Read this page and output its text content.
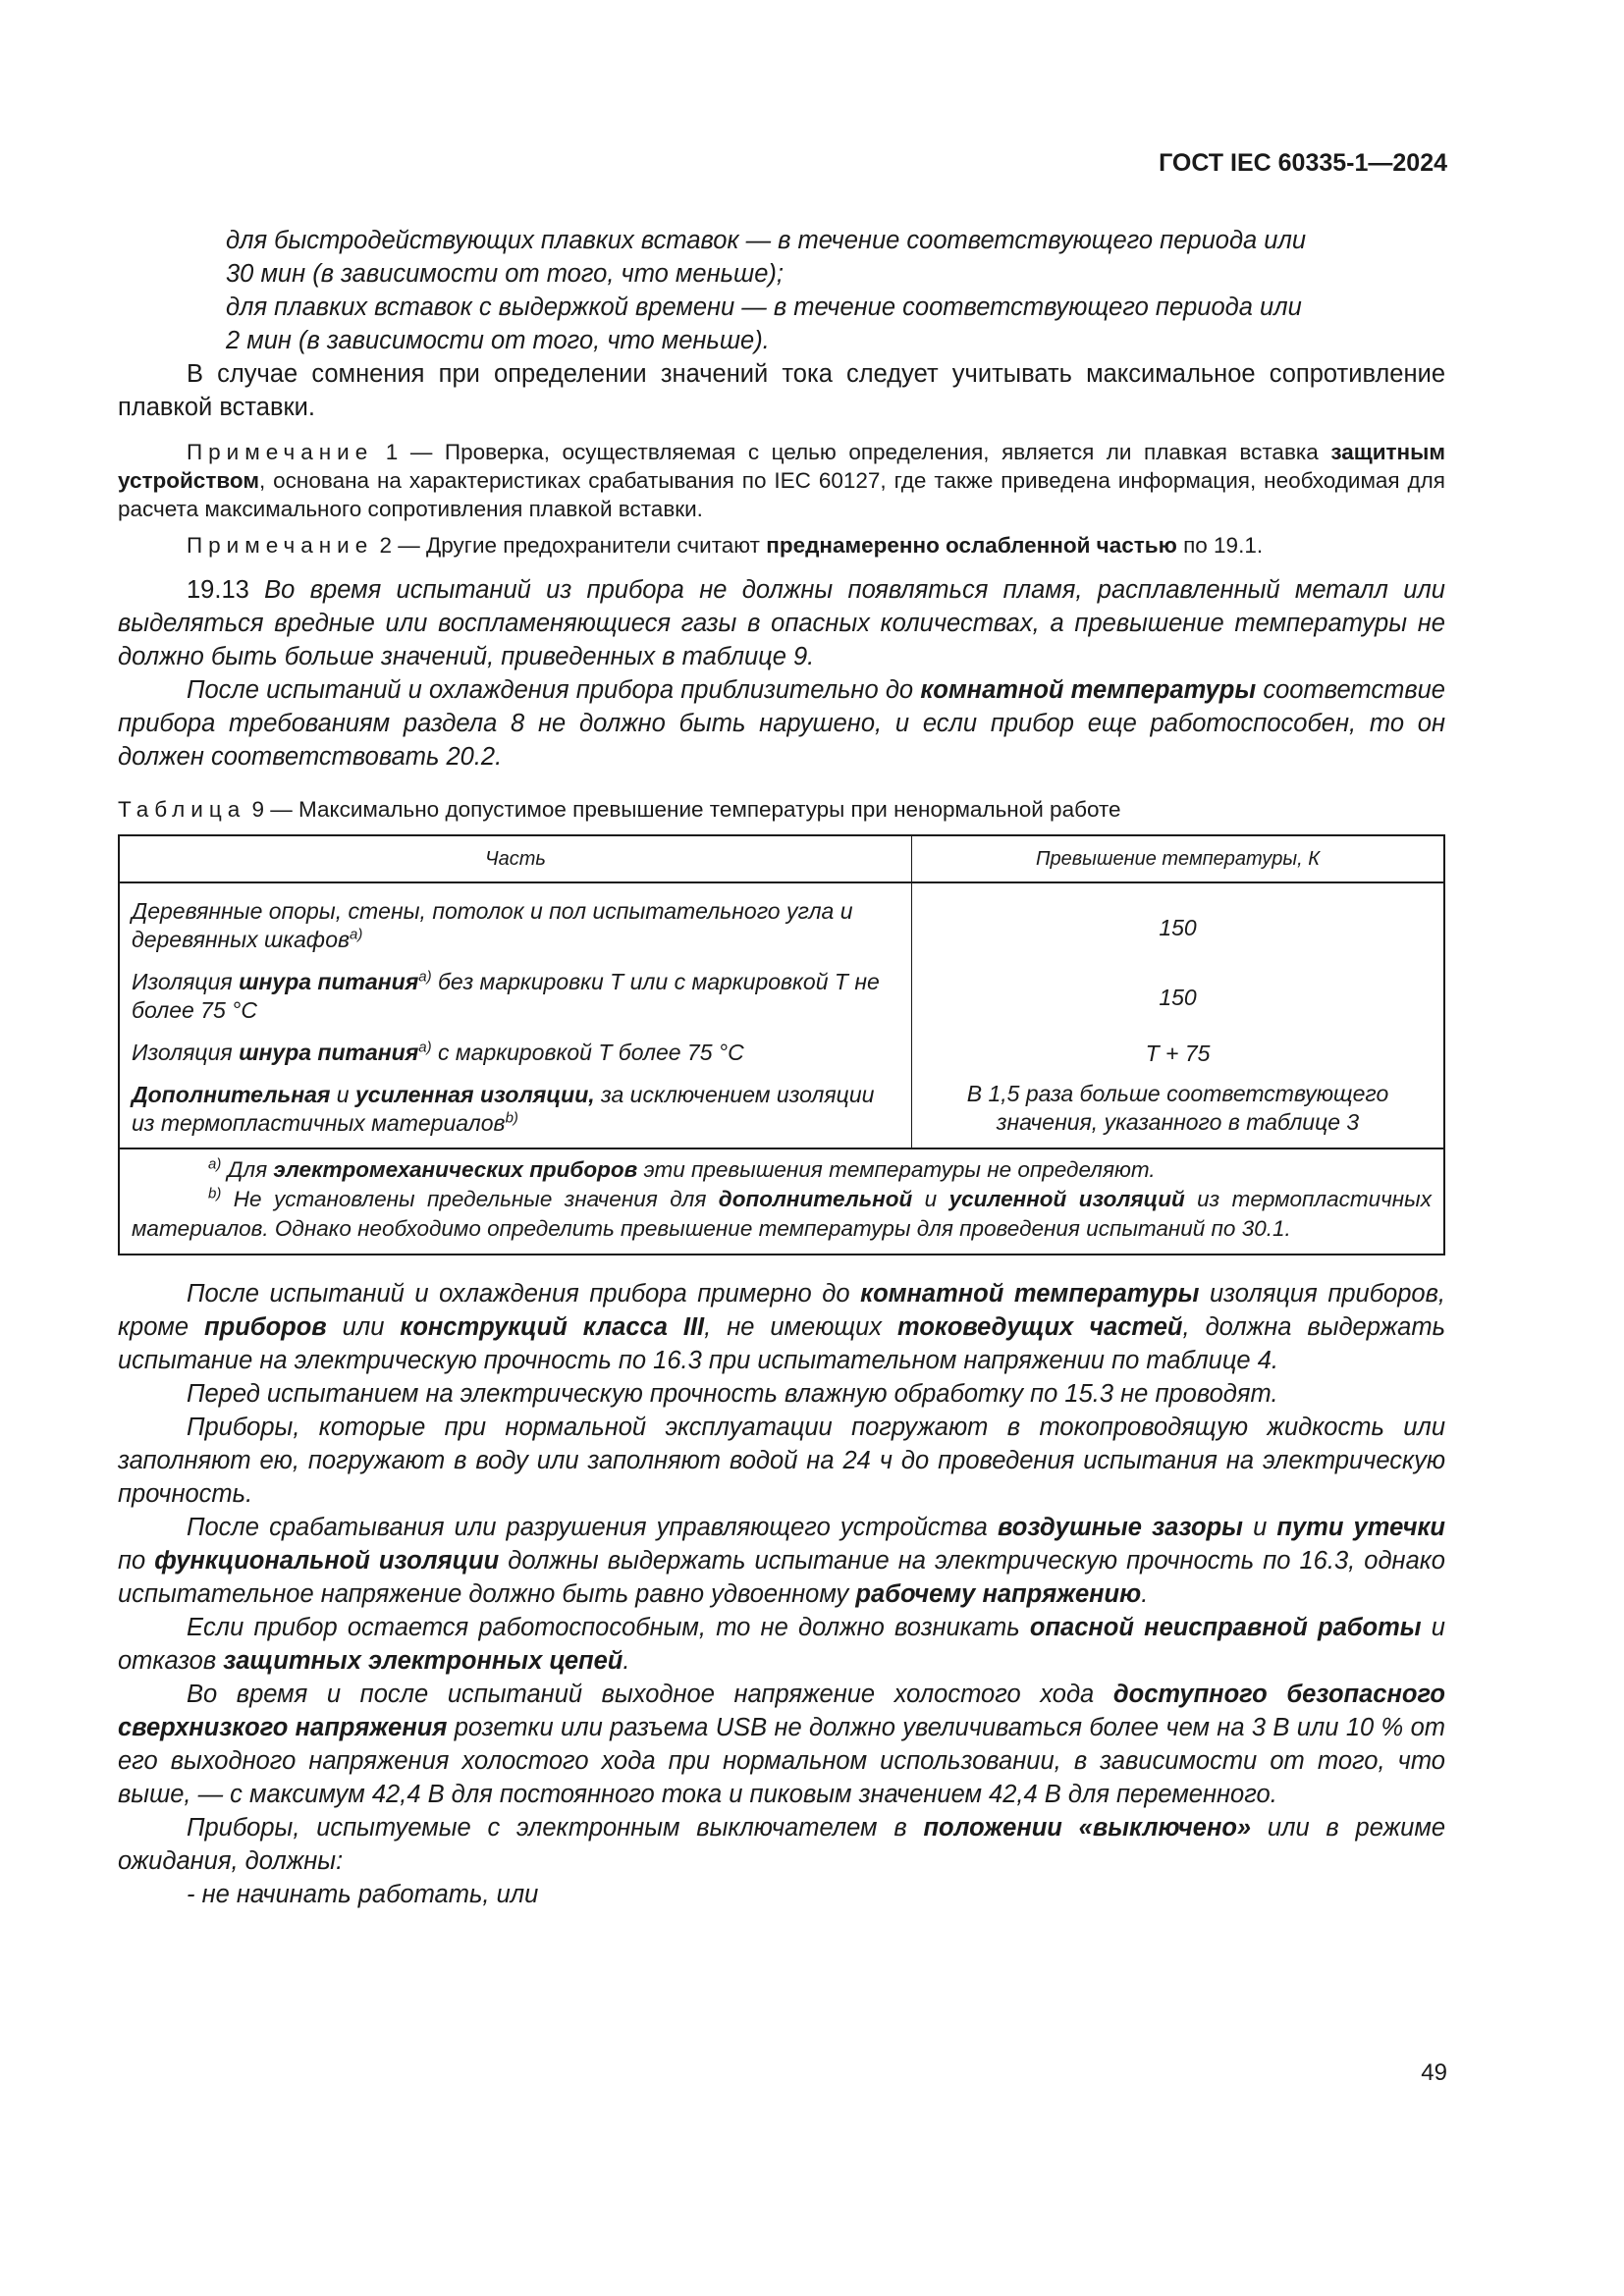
ГОСТ IEC 60335-1—2024

для быстродействующих плавких вставок — в течение соответствующего периода или
30 мин (в зависимости от того, что меньше);

для плавких вставок с выдержкой времени — в течение соответствующего периода или
2 мин (в зависимости от того, что меньше).

В случае сомнения при определении значений тока следует учитывать максимальное сопротивление плавкой вставки.

Примечание 1 — Проверка, осуществляемая с целью определения, является ли плавкая вставка защитным устройством, основана на характеристиках срабатывания по IEC 60127, где также приведена информация, необходимая для расчета максимального сопротивления плавкой вставки.

Примечание 2 — Другие предохранители считают преднамеренно ослабленной частью по 19.1.

19.13 Во время испытаний из прибора не должны появляться пламя, расплавленный металл или выделяться вредные или воспламеняющиеся газы в опасных количествах, а превышение температуры не должно быть больше значений, приведенных в таблице 9.

После испытаний и охлаждения прибора приблизительно до комнатной температуры соответствие прибора требованиям раздела 8 не должно быть нарушено, и если прибор еще работоспособен, то он должен соответствовать 20.2.

Таблица 9 — Максимально допустимое превышение температуры при ненормальной работе

Часть	Превышение температуры, К
Деревянные опоры, стены, потолок и пол испытательного угла и деревянных шкафов$^{a)}$	150
Изоляция шнура питания$^{a)}$ без маркировки Т или с маркировкой Т не более 75 °С	150
Изоляция шнура питания$^{a)}$ с маркировкой Т более 75 °С	Т + 75
Дополнительная и усиленная изоляции, за исключением изоляции из термопластичных материалов$^{b)}$	В 1,5 раза больше соответствующего значения, указанного в таблице 3

$^{a)}$ Для электромеханических приборов эти превышения температуры не определяют.
$^{b)}$ Не установлены предельные значения для дополнительной и усиленной изоляций из термопластичных материалов. Однако необходимо определить превышение температуры для проведения испытаний по 30.1.	

После испытаний и охлаждения прибора примерно до комнатной температуры изоляция приборов, кроме приборов или конструкций класса III, не имеющих токоведущих частей, должна выдержать испытание на электрическую прочность по 16.3 при испытательном напряжении по таблице 4.

Перед испытанием на электрическую прочность влажную обработку по 15.3 не проводят.

Приборы, которые при нормальной эксплуатации погружают в токопроводящую жидкость или заполняют ею, погружают в воду или заполняют водой на 24 ч до проведения испытания на электрическую прочность.

После срабатывания или разрушения управляющего устройства воздушные зазоры и пути утечки по функциональной изоляции должны выдержать испытание на электрическую прочность по 16.3, однако испытательное напряжение должно быть равно удвоенному рабочему напряжению.

Если прибор остается работоспособным, то не должно возникать опасной неисправной работы и отказов защитных электронных цепей.

Во время и после испытаний выходное напряжение холостого хода доступного безопасного сверхнизкого напряжения розетки или разъема USB не должно увеличиваться более чем на 3 В или 10 % от его выходного напряжения холостого хода при нормальном использовании, в зависимости от того, что выше, — с максимум 42,4 В для постоянного тока и пиковым значением 42,4 В для переменного.

Приборы, испытуемые с электронным выключателем в положении «выключено» или в режиме ожидания, должны:

- не начинать работать, или

49
